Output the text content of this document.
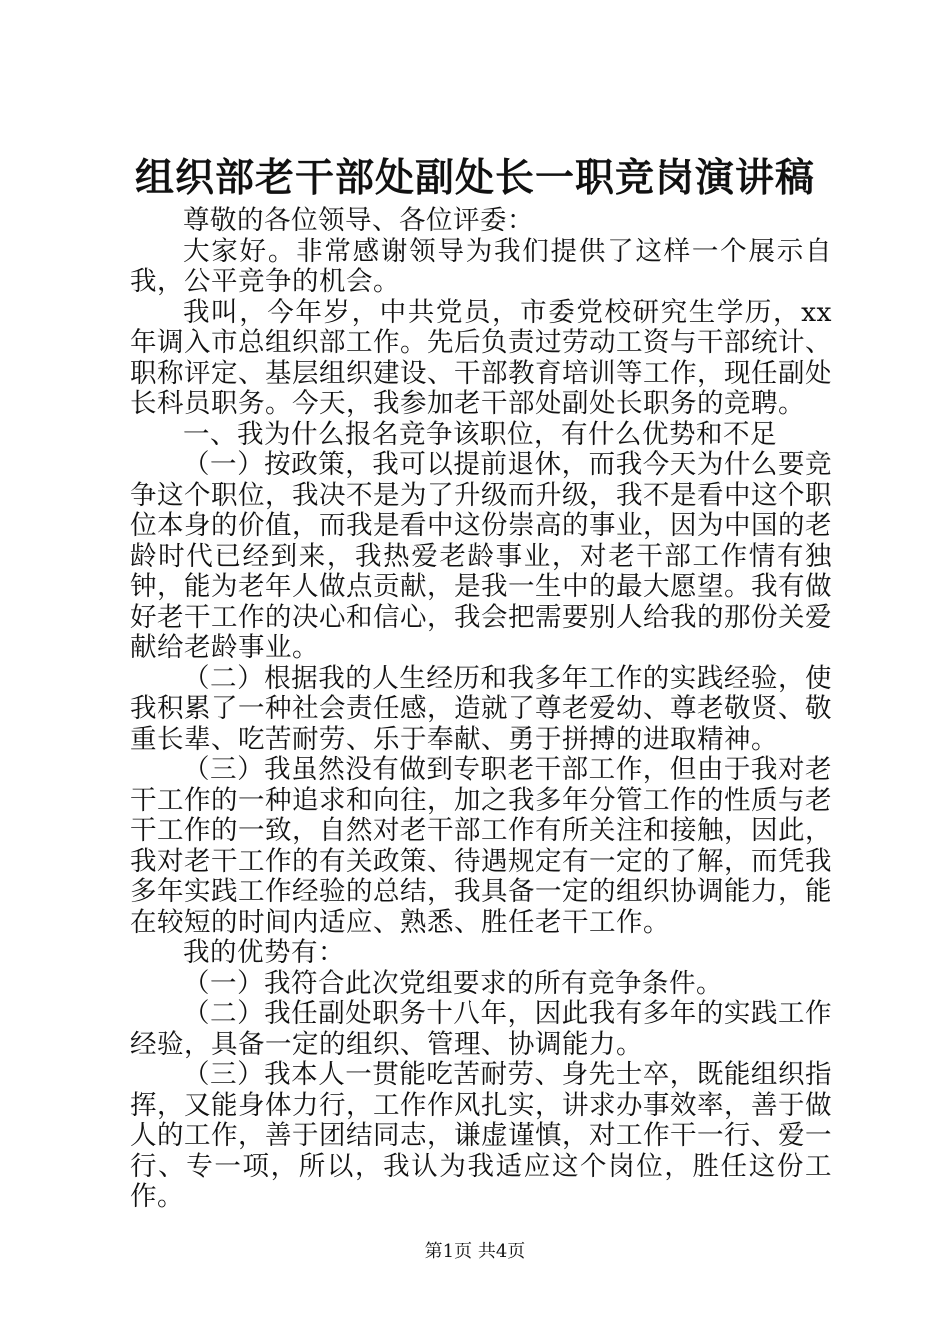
组织部老干部处副处长一职竞岗演讲稿

尊敬的各位领导、各位评委：

大家好。非常感谢领导为我们提供了这样一个展示自我，公平竞争的机会。

我叫，今年岁，中共党员，市委党校研究生学历，xx年调入市总组织部工作。先后负责过劳动工资与干部统计、职称评定、基层组织建设、干部教育培训等工作，现任副处长科员职务。今天，我参加老干部处副处长职务的竞聘。

一、我为什么报名竞争该职位，有什么优势和不足

（一）按政策，我可以提前退休，而我今天为什么要竞争这个职位，我决不是为了升级而升级，我不是看中这个职位本身的价值，而我是看中这份崇高的事业，因为中国的老龄时代已经到来，我热爱老龄事业，对老干部工作情有独钟，能为老年人做点贡献，是我一生中的最大愿望。我有做好老干工作的决心和信心，我会把需要别人给我的那份关爱献给老龄事业。

（二）根据我的人生经历和我多年工作的实践经验，使我积累了一种社会责任感，造就了尊老爱幼、尊老敬贤、敬重长辈、吃苦耐劳、乐于奉献、勇于拼搏的进取精神。

（三）我虽然没有做到专职老干部工作，但由于我对老干工作的一种追求和向往，加之我多年分管工作的性质与老干工作的一致，自然对老干部工作有所关注和接触，因此，我对老干工作的有关政策、待遇规定有一定的了解，而凭我多年实践工作经验的总结，我具备一定的组织协调能力，能在较短的时间内适应、熟悉、胜任老干工作。

我的优势有：

（一）我符合此次党组要求的所有竞争条件。

（二）我任副处职务十八年，因此我有多年的实践工作经验，具备一定的组织、管理、协调能力。

（三）我本人一贯能吃苦耐劳、身先士卒，既能组织指挥，又能身体力行，工作作风扎实，讲求办事效率，善于做人的工作，善于团结同志，谦虚谨慎，对工作干一行、爱一行、专一项，所以，我认为我适应这个岗位，胜任这份工作。

第1页 共4页
